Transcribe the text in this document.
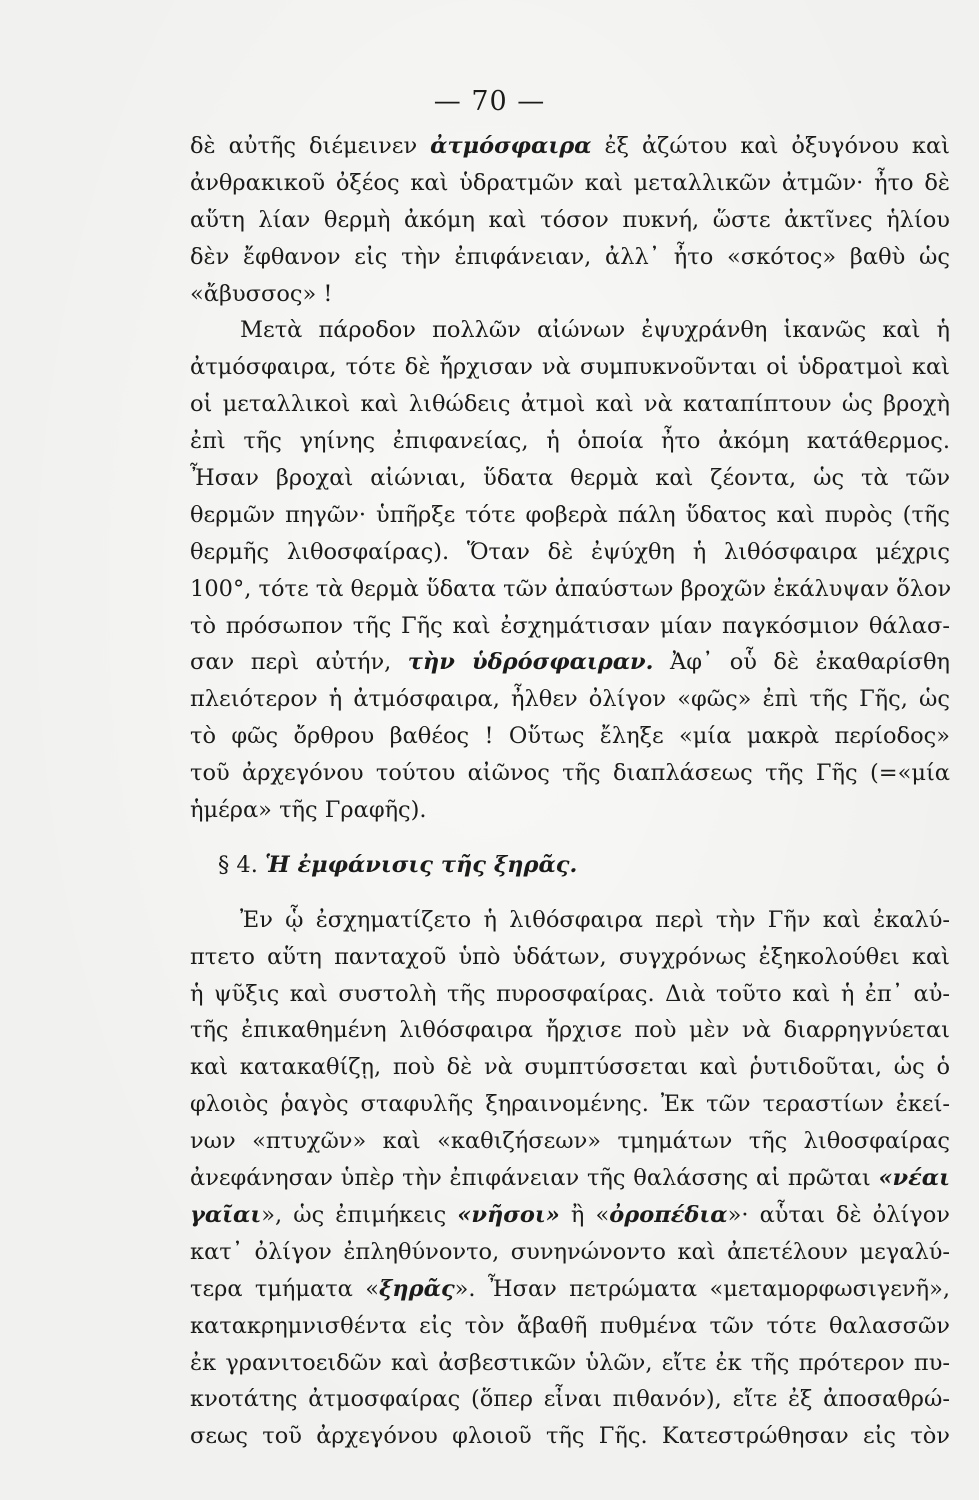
— 70 —
δὲ αὐτῆς διέμεινεν ἀτμόσφαιρα ἐξ ἀζώτου καὶ ὀξυγόνου καὶ
ἀνθρακικοῦ ὀξέος καὶ ὑδρατμῶν καὶ μεταλλικῶν ἀτμῶν· ἦτο δὲ
αὕτη λίαν θερμὴ ἀκόμη καὶ τόσον πυκνή, ὥστε ἀκτῖνες ἡλίου
δὲν ἔφθανον εἰς τὴν ἐπιφάνειαν, ἀλλ᾽ ἦτο «σκότος» βαθὺ ὡς
«ἄβυσσος» !
Μετὰ πάροδον πολλῶν αἰώνων ἐψυχράνθη ἱκανῶς καὶ ἡ
ἀτμόσφαιρα, τότε δὲ ἤρχισαν νὰ συμπυκνοῦνται οἱ ὑδρατμοὶ καὶ
οἱ μεταλλικοὶ καὶ λιθώδεις ἀτμοὶ καὶ νὰ καταπίπτουν ὡς βροχὴ
ἐπὶ τῆς γηίνης ἐπιφανείας, ἡ ὁποία ἦτο ἀκόμη κατάθερμος.
Ἦσαν βροχαὶ αἰώνιαι, ὕδατα θερμὰ καὶ ζέοντα, ὡς τὰ τῶν
θερμῶν πηγῶν· ὑπῆρξε τότε φοβερὰ πάλη ὕδατος καὶ πυρὸς (τῆς
θερμῆς λιθοσφαίρας). Ὅταν δὲ ἐψύχθη ἡ λιθόσφαιρα μέχρις
100°, τότε τὰ θερμὰ ὕδατα τῶν ἀπαύστων βροχῶν ἐκάλυψαν ὅλον
τὸ πρόσωπον τῆς Γῆς καὶ ἐσχημάτισαν μίαν παγκόσμιον θάλασ-
σαν περὶ αὐτήν, τὴν ὑδρόσφαιραν. Ἀφ᾽ οὗ δὲ ἐκαθαρίσθη
πλειότερον ἡ ἀτμόσφαιρα, ἦλθεν ὀλίγον «φῶς» ἐπὶ τῆς Γῆς, ὡς
τὸ φῶς ὄρθρου βαθέος ! Οὕτως ἔληξε «μία μακρὰ περίοδος»
τοῦ ἀρχεγόνου τούτου αἰῶνος τῆς διαπλάσεως τῆς Γῆς (=«μία
ἡμέρα» τῆς Γραφῆς).
§ 4. Ἡ ἐμφάνισις τῆς ξηρᾶς.
Ἐν ᾧ ἐσχηματίζετο ἡ λιθόσφαιρα περὶ τὴν Γῆν καὶ ἐκαλύ-
πτετο αὕτη πανταχοῦ ὑπὸ ὑδάτων, συγχρόνως ἐξηκολούθει καὶ
ἡ ψῦξις καὶ συστολὴ τῆς πυροσφαίρας. Διὰ τοῦτο καὶ ἡ ἐπ᾽ αὐ-
τῆς ἐπικαθημένη λιθόσφαιρα ἤρχισε ποὺ μὲν νὰ διαρρηγνύεται
καὶ κατακαθίζῃ, ποὺ δὲ νὰ συμπτύσσεται καὶ ῥυτιδοῦται, ὡς ὁ
φλοιὸς ῥαγὸς σταφυλῆς ξηραινομένης. Ἐκ τῶν τεραστίων ἐκεί-
νων «πτυχῶν» καὶ «καθιζήσεων» τμημάτων τῆς λιθοσφαίρας
ἀνεφάνησαν ὑπὲρ τὴν ἐπιφάνειαν τῆς θαλάσσης αἱ πρῶται «νέαι
γαῖαι», ὡς ἐπιμήκεις «νῆσοι» ἢ «ὀροπέδια»· αὗται δὲ ὀλίγον
κατ᾽ ὀλίγον ἐπληθύνοντο, συνηνώνοντο καὶ ἀπετέλουν μεγαλύ-
τερα τμήματα «ξηρᾶς». Ἦσαν πετρώματα «μεταμορφωσιγενῆ»,
κατακρημνισθέντα εἰς τὸν ἄβαθῆ πυθμένα τῶν τότε θαλασσῶν
ἐκ γρανιτοειδῶν καὶ ἀσβεστικῶν ὑλῶν, εἴτε ἐκ τῆς πρότερον πυ-
κνοτάτης ἀτμοσφαίρας (ὅπερ εἶναι πιθανόν), εἴτε ἐξ ἀποσαθρώ-
σεως τοῦ ἀρχεγόνου φλοιοῦ τῆς Γῆς. Κατεστρώθησαν εἰς τὸν
